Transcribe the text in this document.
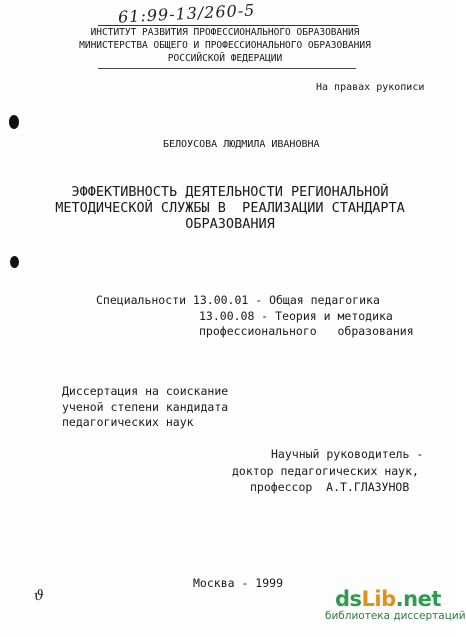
61:99-13/260-5
ИНСТИТУТ РАЗВИТИЯ ПРОФЕССИОНАЛЬНОГО ОБРАЗОВАНИЯ
МИНИСТЕРСТВА ОБЩЕГО И ПРОФЕССИОНАЛЬНОГО ОБРАЗОВАНИЯ
РОССИЙСКОЙ ФЕДЕРАЦИИ
На правах рукописи
БЕЛОУСОВА ЛЮДМИЛА ИВАНОВНА
ЭФФЕКТИВНОСТЬ ДЕЯТЕЛЬНОСТИ РЕГИОНАЛЬНОЙ
МЕТОДИЧЕСКОЙ СЛУЖБЫ В  РЕАЛИЗАЦИИ СТАНДАРТА
ОБРАЗОВАНИЯ
Специальности 13.00.01 - Общая педагогика
13.00.08 - Теория и методика
профессионального   образования
Диссертация на соискание
ученой степени кандидата
педагогических наук
Научный руководитель -
доктор педагогических наук,
профессор  А.Т.ГЛАЗУНОВ
Москва - 1999
ϑ	dsLib.net
библиотека диссертаций
